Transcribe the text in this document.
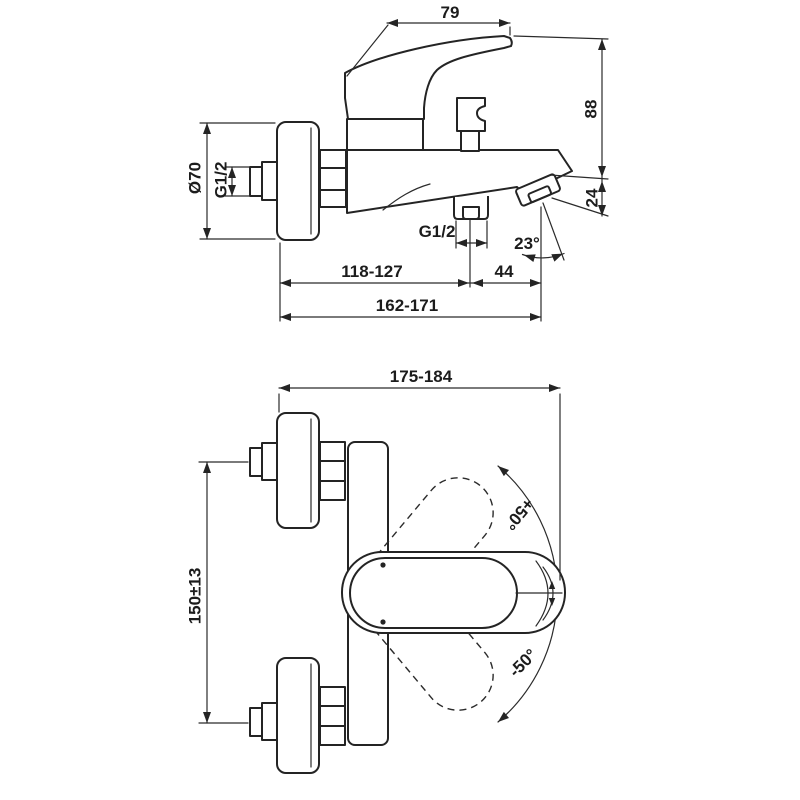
79
88
24
Ø70 G1/2
G1/2
23°
118-127	44
162-171
+50°
-50°
175-184
150±13
